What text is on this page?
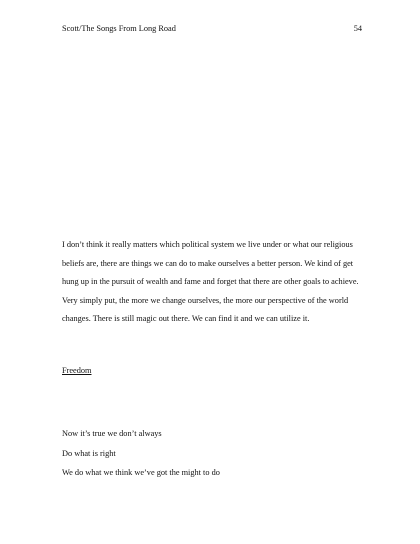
Scott/The Songs From Long Road	54

I don’t think it really matters which political system we live under or what our religious

beliefs are, there are things we can do to make ourselves a better person. We kind of get

hung up in the pursuit of wealth and fame and forget that there are other goals to achieve.

Very simply put, the more we change ourselves, the more our perspective of the world

changes. There is still magic out there. We can find it and we can utilize it.

Freedom
Now it’s true we don’t always
Do what is right
We do what we think we’ve got the might to do
